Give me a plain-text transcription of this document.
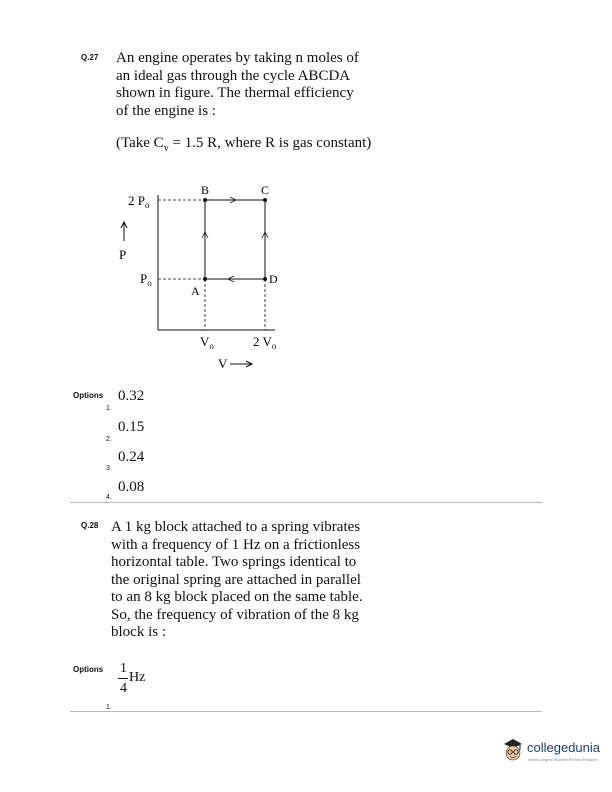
Q.27 An engine operates by taking n moles of
an ideal gas through the cycle ABCDA
shown in figure. The thermal efficiency
of the engine is :
(Take $C_v = 1.5$ R, where R is gas constant)
B	C
A
D
2 $P_o$
$P_o$
P
$V_o$	2 $V_o$
V
Options 0.32
1.
0.15
2.
0.24
3.
0.08
4.
Q.28 A 1 kg block attached to a spring vibrates
with a frequency of 1 Hz on a frictionless
horizontal table. Two springs identical to
the original spring are attached in parallel
to an 8 kg block placed on the same table.
So, the frequency of vibration of the 8 kg
block is :
Options 1
4
Hz
1.
collegedunia
India's largest Student Review Platform
